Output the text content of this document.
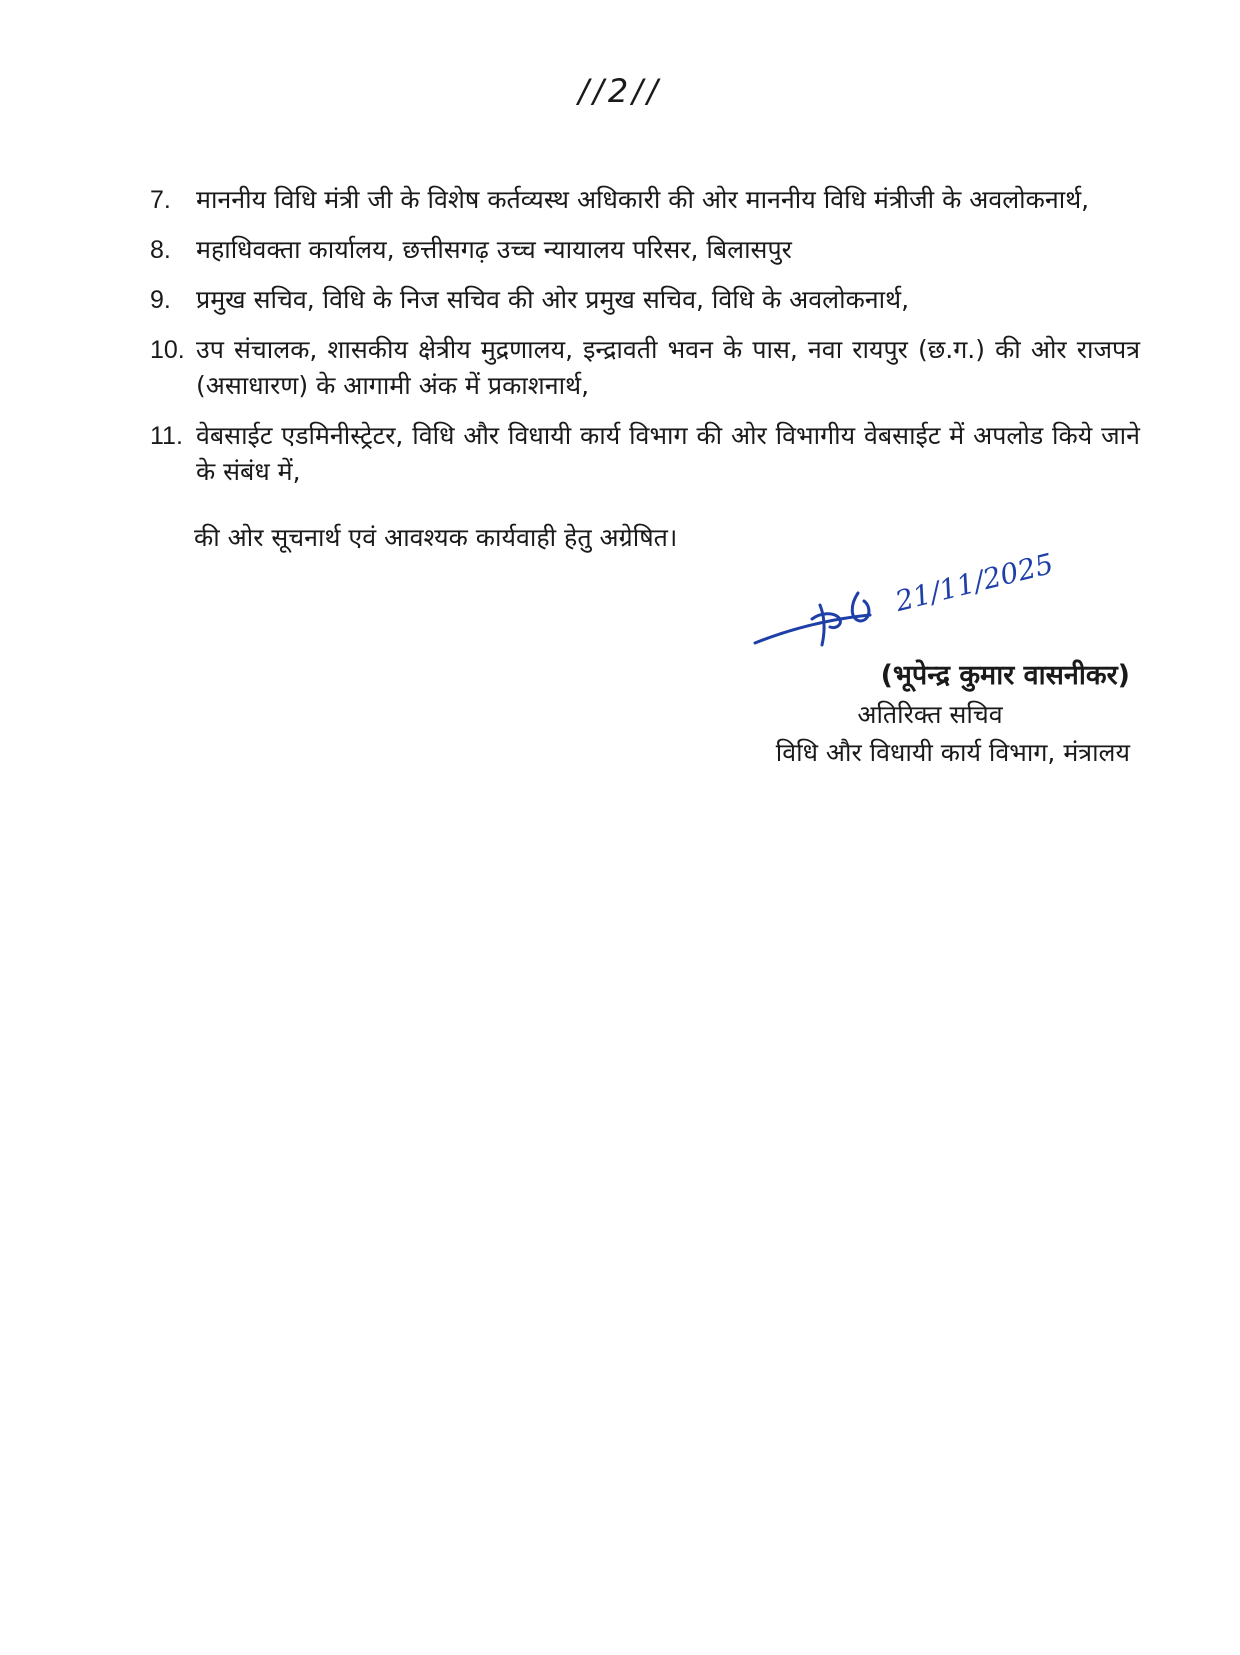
//2//
7.	माननीय विधि मंत्री जी के विशेष कर्तव्यस्थ अधिकारी की ओर माननीय विधि मंत्रीजी के अवलोकनार्थ,
8.	महाधिवक्ता कार्यालय, छत्तीसगढ़ उच्च न्यायालय परिसर, बिलासपुर
9.	प्रमुख सचिव, विधि के निज सचिव की ओर प्रमुख सचिव, विधि के अवलोकनार्थ,
10. उप संचालक, शासकीय क्षेत्रीय मुद्रणालय, इन्द्रावती भवन के पास, नवा रायपुर (छ.ग.) की ओर राजपत्र (असाधारण) के आगामी अंक में प्रकाशनार्थ,
11. वेबसाईट एडमिनीस्ट्रेटर, विधि और विधायी कार्य विभाग की ओर विभागीय वेबसाईट में अपलोड किये जाने के संबंध में,
की ओर सूचनार्थ एवं आवश्यक कार्यवाही हेतु अग्रेषित।
21/11/2025
(भूपेन्द्र कुमार वासनीकर)
अतिरिक्त सचिव
विधि और विधायी कार्य विभाग, मंत्रालय
